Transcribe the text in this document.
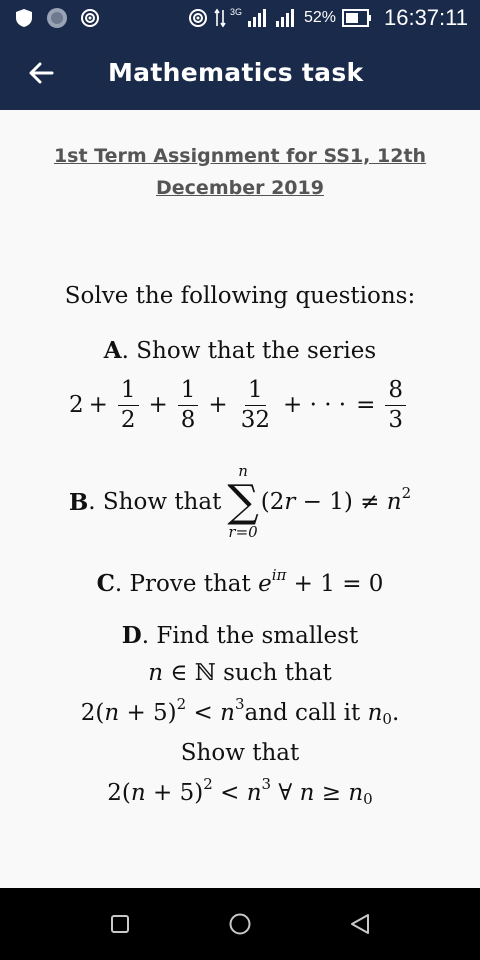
3G	52% 16:37:11
Mathematics task
1st Term Assignment for SS1, 12th December 2019
Solve the following questions:
A. Show that the series
$2 + \frac{1}{2} + \frac{1}{8} + \frac{1}{32}$ + · · · = $\frac{8}{3}$
B . Show that
n
∑
r=0
$(2r - 1) \ne n^2$
C. Prove that $e^{i\pi} + 1 = 0$
D. Find the smallest
n ∈ ℕ such that
$2(n + 5)^2 < n^3and$ call it $n_0$.
Show that
$2(n + 5)^2 < n^3$ ∀ $n \ge n_0$
